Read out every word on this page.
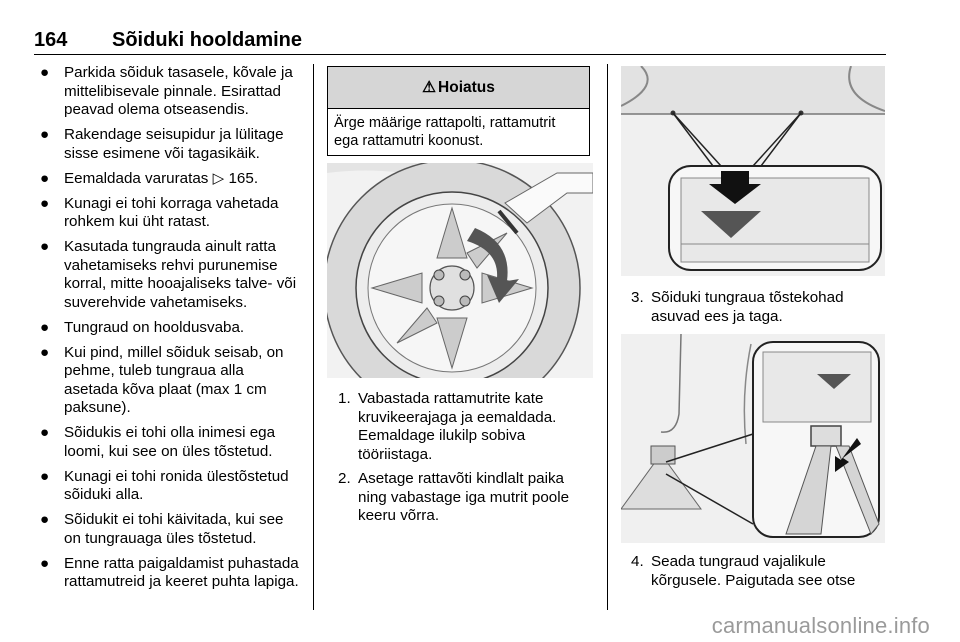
164 Sõiduki hooldamine
● Parkida sõiduk tasasele, kõvale ja mittelibisevale pinnale. Esirattad peavad olema otseasendis.
● Rakendage seisupidur ja lülitage sisse esimene või tagasikäik.
● Eemaldada varuratas ▷ 165.
● Kunagi ei tohi korraga vahetada rohkem kui üht ratast.
● Kasutada tungrauda ainult ratta vahetamiseks rehvi purunemise korral, mitte hooajaliseks talve- või suverehvide vahetamiseks.
● Tungraud on hooldusvaba.
● Kui pind, millel sõiduk seisab, on pehme, tuleb tungraua alla asetada kõva plaat (max 1 cm paksune).
● Sõidukis ei tohi olla inimesi ega loomi, kui see on üles tõstetud.
● Kunagi ei tohi ronida ülestõstetud sõiduki alla.
● Sõidukit ei tohi käivitada, kui see on tungrauaga üles tõstetud.
● Enne ratta paigaldamist puhastada rattamutreid ja keeret puhta lapiga.
⚠ Hoiatus
Ärge määrige rattapolti, rattamutrit ega rattamutri koonust.
1. Vabastada rattamutrite kate kruvikeerajaga ja eemaldada. Eemaldage ilukilp sobiva tööriistaga.
2. Asetage rattavõti kindlalt paika ning vabastage iga mutrit poole keeru võrra.
3. Sõiduki tungraua tõstekohad asuvad ees ja taga.
4. Seada tungraud vajalikule kõrgusele. Paigutada see otse
carmanualsonline.info
